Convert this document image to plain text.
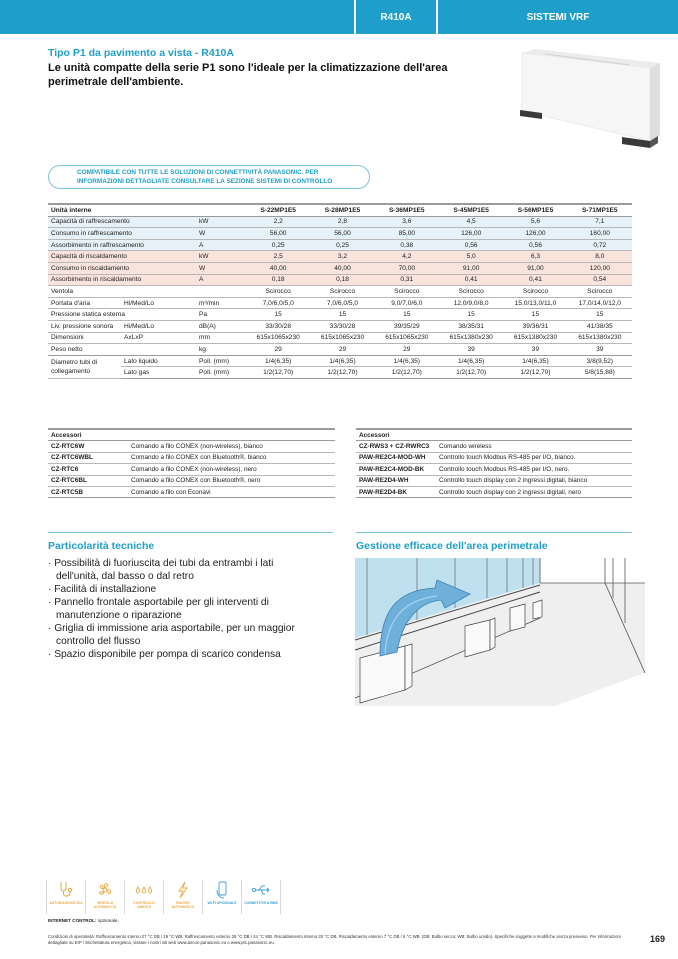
R410A	SISTEMI VRF
Tipo P1 da pavimento a vista - R410A
Le unità compatte della serie P1 sono l'ideale per la climatizzazione dell'area perimetrale dell'ambiente.
COMPATIBILE CON TUTTE LE SOLUZIONI DI CONNETTIVITÀ PANASONIC. PER
INFORMAZIONI DETTAGLIATE CONSULTARE LA SEZIONE SISTEMI DI CONTROLLO
Unità interne			S-22MP1E5	S-28MP1E5	S-36MP1E5	S-45MP1E5	S-56MP1E5	S-71MP1E5
Capacità di raffrescamento		kW	2,2	2,8	3,6	4,5	5,6	7,1
Consumo in raffrescamento		W	56,00	56,00	85,00	126,00	126,00	160,00
Assorbimento in raffrescamento		A	0,25	0,25	0,38	0,56	0,56	0,72
Capacità di riscaldamento		kW	2,5	3,2	4,2	5,0	6,3	8,0
Consumo in riscaldamento		W	40,00	40,00	70,00	91,00	91,00	120,00
Assorbimento in riscaldamento		A	0,18	0,18	0,31	0,41	0,41	0,54
Ventola			Scirocco	Scirocco	Scirocco	Scirocco	Scirocco	Scirocco
Portata d'aria	Hi/Med/Lo	m³/min	7,0/6,0/5,0	7,0/6,0/5,0	9,0/7,0/6,0	12,0/9,0/8,0	15,0/13,0/11,0	17,0/14,0/12,0
Pressione statica esterna		Pa	15	15	15	15	15	15
Liv. pressione sonora	Hi/Med/Lo	dB(A)	33/30/28	33/30/28	39/35/29	38/35/31	39/36/31	41/38/35
Dimensioni	AxLxP	mm	615x1065x230	615x1065x230	615x1065x230	615x1380x230	615x1380x230	615x1380x230
Peso netto		kg	29	29	29	39	39	39
Diametro tubi di
collegamento	Lato liquido	Poll. (mm)	1/4(6,35)	1/4(6,35)	1/4(6,35)	1/4(6,35)	1/4(6,35)	3/8(9,52)
	Lato gas	Poll. (mm)	1/2(12,70)	1/2(12,70)	1/2(12,70)	1/2(12,70)	1/2(12,70)	5/8(15,88)
Accessori	
CZ-RTC6W	Comando a filo CONEX (non-wireless), bianco
CZ-RTC6WBL	Comando a filo CONEX con Bluetooth®, bianco
CZ-RTC6	Comando a filo CONEX (non-wireless), nero
CZ-RTC6BL	Comando a filo CONEX con Bluetooth®, nero
CZ-RTC5B	Comando a filo con Econavi
Accessori	
CZ-RWS3 + CZ-RWRC3	Comando wireless
PAW-RE2C4-MOD-WH	Controllo touch Modbus RS-485 per I/O, bianco.
PAW-RE2C4-MOD-BK	Controllo touch Modbus RS-485 per I/O, nero.
PAW-RE2D4-WH	Controllo touch display con 2 ingressi digitali, bianco
PAW-RE2D4-BK	Controllo touch display con 2 ingressi digitali, nero
Particolarità tecniche
· Possibilità di fuoriuscita dei tubi da entrambi i lati dell'unità, dal basso o dal retro
· Facilità di installazione
· Pannello frontale asportabile per gli interventi di manutenzione o riparazione
· Griglia di immissione aria asportabile, per un maggior controllo del flusso
· Spazio disponibile per pompa di scarico condensa
Gestione efficace dell'area perimetrale
AUTODIAGNOSTICA	VENTOLA AUTOMATICA
CONTROLLO UMIDITÀ
RIAVVIO AUTOMATICO
WI-FI OPZIONALE	CONNETTIVITÀ BMS
INTERNET CONTROL: opzionale.
Condizioni di operatività: Raffrescamento interno 27 °C DB / 19 °C WB. Raffrescamento esterno 35 °C DB / 24 °C WB. Riscaldamento interno 20 °C DB. Riscaldamento esterno 7 °C DB / 6 °C WB. (DB: Bulbo secco; WB: Bulbo umido). Specifiche soggette a modifiche senza preavviso. Per informazioni dettagliate su ErP / Etichettatura energetica, visitare i nostri siti web www.aircon.panasonic.eu o www.ptc.panasonic.eu.	169
